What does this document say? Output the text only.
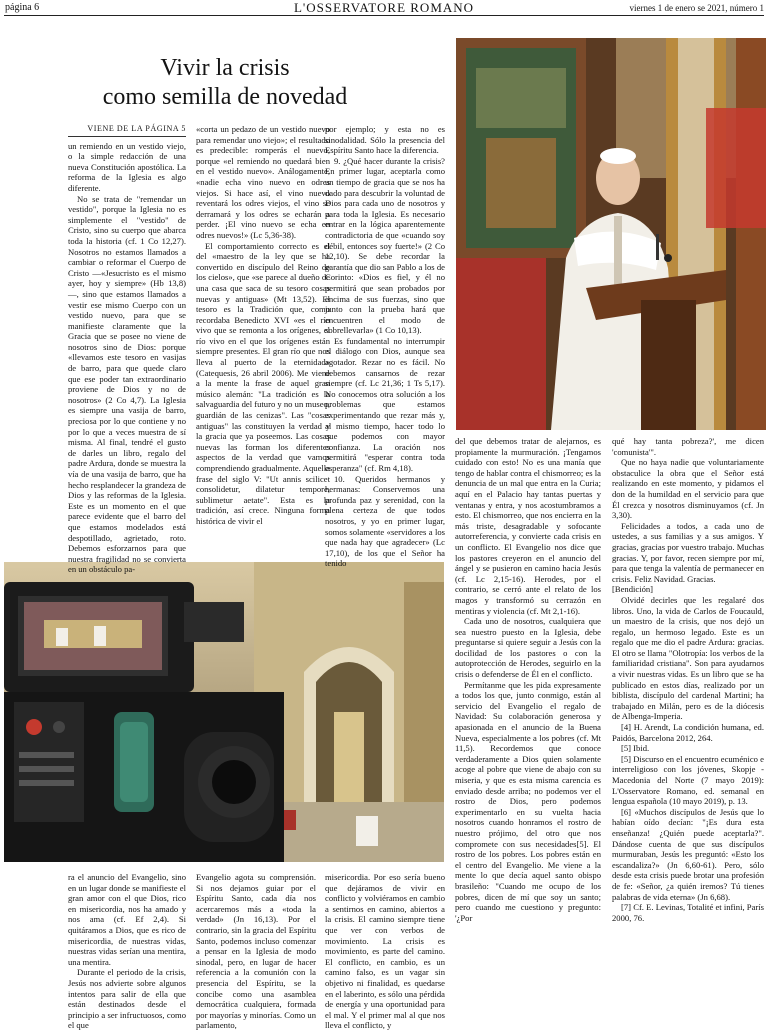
página 6	L'OSSERVATORE ROMANO	viernes 1 de enero se 2021, número 1
Vivir la crisis
como semilla de novedad
VIENE DE LA PÁGINA 5

un remiendo en un vestido viejo, o la simple redacción de una nueva Constitución apostólica. La reforma de la Iglesia es algo diferente.

No se trata de "remendar un vestido", porque la Iglesia no es simplemente el "vestido" de Cristo, sino su cuerpo que abarca toda la historia (cf. 1 Co 12,27). Nosotros no estamos llamados a cambiar o reformar el Cuerpo de Cristo —«Jesucristo es el mismo ayer, hoy y siempre» (Hb 13,8)—, sino que estamos llamados a vestir ese mismo Cuerpo con un vestido nuevo, para que se manifieste claramente que la Gracia que se posee no viene de nosotros sino de Dios: porque «llevamos este tesoro en vasijas de barro, para que quede claro que ese poder tan extraordinario proviene de Dios y no de nosotros» (2 Co 4,7). La Iglesia es siempre una vasija de barro, preciosa por lo que contiene y no por lo que a veces muestra de sí misma. Al final, tendré el gusto de darles un libro, regalo del padre Ardura, donde se muestra la vía de una vasija de barro, que ha hecho resplandecer la grandeza de Dios y las reformas de la Iglesia. Este es un momento en el que parece evidente que el barro del que estamos modelados está despotillado, agrietado, roto. Debemos esforzarnos para que nuestra fragilidad no se convierta en un obstáculo pa-

«corta un pedazo de un vestido nuevo para remendar uno viejo»; el resultado es predecible: romperás el nuevo, porque «el remiendo no quedará bien en el vestido nuevo». Análogamente, «nadie echa vino nuevo en odres viejos. Si hace así, el vino nuevo reventará los odres viejos, el vino se derramará y los odres se echarán a perder. ¡El vino nuevo se echa en odres nuevos!» (Lc 5,36-38).

El comportamiento correcto es el del «maestro de la ley que se ha convertido en discípulo del Reino de los cielos», que «se parece al dueño de una casa que saca de su tesoro cosas nuevas y antiguas» (Mt 13,52). El tesoro es la Tradición que, como recordaba Benedicto XVI «es el río vivo que se remonta a los orígenes, el río vivo en el que los orígenes están siempre presentes. El gran río que nos lleva al puerto de la eternidad» (Catequesis, 26 abril 2006). Me viene a la mente la frase de aquel gran músico alemán: "La tradición es la salvaguardia del futuro y no un museo, guardián de las cenizas". Las "cosas antiguas" las constituyen la verdad y la gracia que ya poseemos. Las cosas nuevas las forman los diferentes aspectos de la verdad que vamos comprendiendo gradualmente. Aquella frase del siglo V: "Ut annis scilicet consolidetur, dilatetur tempore, sublimetur aetate". Esta es la tradición, así crece. Ninguna forma histórica de vivir el

por ejemplo; y esta no es sinodalidad. Sólo la presencia del Espíritu Santo hace la diferencia.

9. ¿Qué hacer durante la crisis? En primer lugar, aceptarla como un tiempo de gracia que se nos ha dado para descubrir la voluntad de Dios para cada uno de nosotros y para toda la Iglesia. Es necesario entrar en la lógica aparentemente contradictoria de que «cuando soy débil, entonces soy fuerte!» (2 Co 12,10). Se debe recordar la garantía que dio san Pablo a los de Corinto: «Dios es fiel, y él no permitirá que sean probados por encima de sus fuerzas, sino que junto con la prueba hará que encuentren el modo de sobrellevarla» (1 Co 10,13).

Es fundamental no interrumpir el diálogo con Dios, aunque sea agotador. Rezar no es fácil. No debemos cansarnos de rezar siempre (cf. Lc 21,36; 1 Ts 5,17). No conocemos otra solución a los problemas que estamos experimentando que rezar más y, al mismo tiempo, hacer todo lo que podemos con mayor confianza. La oración nos permitirá "esperar contra toda esperanza" (cf. Rm 4,18).

10. Queridos hermanos y hermanas: Conservemos una profunda paz y serenidad, con la plena certeza de que todos nosotros, y yo en primer lugar, somos solamente «servidores a los que nada hay que agradecer» (Lc 17,10), de los que el Señor ha tenido

del que debemos tratar de alejarnos, es propiamente la murmuración. ¡Tengamos cuidado con esto! No es una manía que tengo de hablar contra el chismorreo; es la denuncia de un mal que entra en la Curia; aquí en el Palacio hay tantas puertas y ventanas y entra, y nos acostumbramos a esto. El chismorreo, que nos encierra en la más triste, desagradable y sofocante autorreferencia, y convierte cada crisis en un conflicto. El Evangelio nos dice que los pastores creyeron en el anuncio del ángel y se pusieron en camino hacia Jesús (cf. Lc 2,15-16). Herodes, por el contrario, se cerró ante el relato de los magos y transformó su cerrazón en mentiras y violencia (cf. Mt 2,1-16).

Cada uno de nosotros, cualquiera que sea nuestro puesto en la Iglesia, debe preguntarse si quiere seguir a Jesús con la docilidad de los pastores o con la autoprotección de Herodes, seguirlo en la crisis o defenderse de Él en el conflicto.

Permítanme que les pida expresamente a todos los que, junto conmigo, están al servicio del Evangelio el regalo de Navidad: Su colaboración generosa y apasionada en el anuncio de la Buena Nueva, especialmente a los pobres (cf. Mt 11,5). Recordemos que conoce verdaderamente a Dios quien solamente acoge al pobre que viene de abajo con su miseria, y que es esta misma carencia es enviado desde arriba; no podemos ver el rostro de Dios, pero podemos experimentarlo en su vuelta hacia nosotros cuando honramos el rostro de nuestro prójimo, del otro que nos compromete con sus necesidades[5]. El rostro de los pobres. Los pobres están en el centro del Evangelio. Me viene a la mente lo que decía aquel santo obispo brasileño: "Cuando me ocupo de los pobres, dicen de mí que soy un santo; pero cuando me cuestiono y pregunto: '¿Por

qué hay tanta pobreza?', me dicen 'comunista'".

Que no haya nadie que voluntariamente obstaculice la obra que el Señor está realizando en este momento, y pidamos el don de la humildad en el servicio para que Él crezca y nosotros disminuyamos (cf. Jn 3,30).

Felicidades a todos, a cada uno de ustedes, a sus familias y a sus amigos. Y gracias, gracias por vuestro trabajo. Muchas gracias. Y, por favor, recen siempre por mí, para que tenga la valentía de permanecer en crisis. Feliz Navidad. Gracias.

[Bendición]

Olvidé decirles que les regalaré dos libros. Uno, la vida de Carlos de Foucauld, un maestro de la crisis, que nos dejó un regalo, un hermoso legado. Este es un regalo que me dio el padre Ardura: gracias. El otro se llama "Olotropía: los verbos de la familiaridad cristiana". Son para ayudarnos a vivir nuestras vidas. Es un libro que se ha publicado en estos días, realizado por un biblista, discípulo del cardenal Martini; ha trabajado en Milán, pero es de la diócesis de Albenga-Imperia.

[4] H. Arendt, La condición humana, ed. Paidós, Barcelona 2012, 264.

[5] Ibid.

[5] Discurso en el encuentro ecuménico e interreligioso con los jóvenes, Skopje - Macedonia del Norte (7 mayo 2019): L'Osservatore Romano, ed. semanal en lengua española (10 mayo 2019), p. 13.

[6] «Muchos discípulos de Jesús que lo habían oído decían: "¡Es dura esta enseñanza! ¿Quién puede aceptarla?". Dándose cuenta de que sus discípulos murmuraban, Jesús les preguntó: «Esto los escandaliza?» (Jn 6,60-61). Pero, sólo desde esta crisis puede brotar una profesión de fe: «Señor, ¿a quién iremos? Tú tienes palabras de vida eterna» (Jn 6,68).

[7] Cf. E. Levinas, Totalité et infini, París 2000, 76.

ra el anuncio del Evangelio, sino en un lugar donde se manifieste el gran amor con el que Dios, rico en misericordia, nos ha amado y nos ama (cf. Ef 2,4). Si quitáramos a Dios, que es rico de misericordia, de nuestras vidas, nuestras vidas serían una mentira, una mentira.

Durante el periodo de la crisis, Jesús nos advierte sobre algunos intentos para salir de ella que están destinados desde el principio a ser infructuosos, como el que

Evangelio agota su comprensión. Si nos dejamos guiar por el Espíritu Santo, cada día nos acercaremos más a «toda la verdad» (Jn 16,13). Por el contrario, sin la gracia del Espíritu Santo, podemos incluso comenzar a pensar en la Iglesia de modo sinodal, pero, en lugar de hacer referencia a la comunión con la presencia del Espíritu, se la concibe como una asamblea democrática cualquiera, formada por mayorías y minorías. Como un parlamento,

misericordia. Por eso sería bueno que dejáramos de vivir en conflicto y volviéramos en cambio a sentirnos en camino, abiertos a la crisis. El camino siempre tiene que ver con verbos de movimiento. La crisis es movimiento, es parte del camino. El conflicto, en cambio, es un camino falso, es un vagar sin objetivo ni finalidad, es quedarse en el laberinto, es sólo una pérdida de energía y una oportunidad para el mal. Y el primer mal al que nos lleva el conflicto, y
